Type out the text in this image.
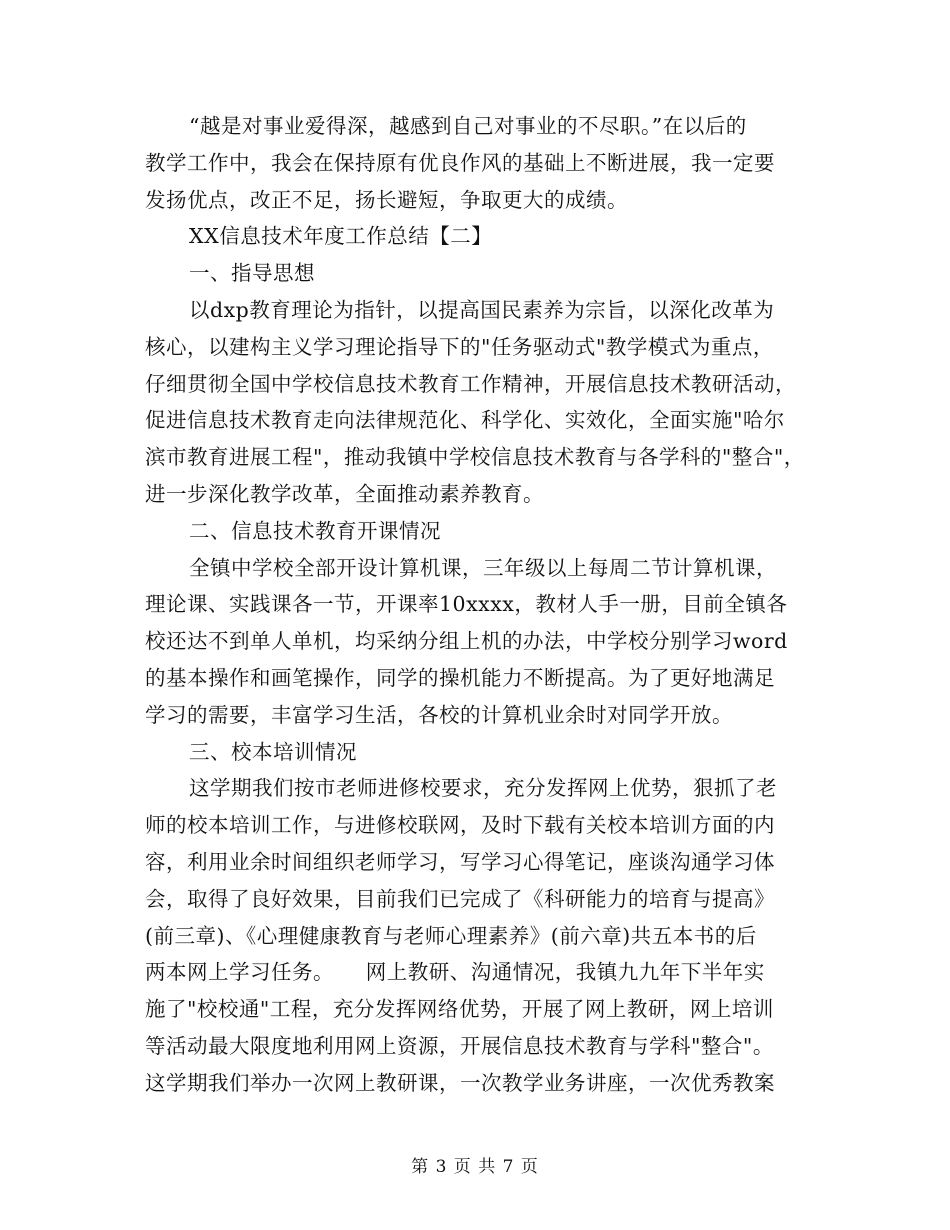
“越是对事业爱得深，越感到自己对事业的不尽职。”在以后的
教学工作中，我会在保持原有优良作风的基础上不断进展，我一定要
发扬优点，改正不足，扬长避短，争取更大的成绩。
XX信息技术年度工作总结【二】
一、指导思想
以dxp教育理论为指针，以提高国民素养为宗旨，以深化改革为
核心，以建构主义学习理论指导下的"任务驱动式"教学模式为重点，
仔细贯彻全国中学校信息技术教育工作精神，开展信息技术教研活动，
促进信息技术教育走向法律规范化、科学化、实效化，全面实施"哈尔
滨市教育进展工程"，推动我镇中学校信息技术教育与各学科的"整合"，
进一步深化教学改革，全面推动素养教育。
二、信息技术教育开课情况
全镇中学校全部开设计算机课，三年级以上每周二节计算机课，
理论课、实践课各一节，开课率10xxxx，教材人手一册，目前全镇各
校还达不到单人单机，均采纳分组上机的办法，中学校分别学习word
的基本操作和画笔操作，同学的操机能力不断提高。为了更好地满足
学习的需要，丰富学习生活，各校的计算机业余时对同学开放。
三、校本培训情况
这学期我们按市老师进修校要求，充分发挥网上优势，狠抓了老
师的校本培训工作，与进修校联网，及时下载有关校本培训方面的内
容，利用业余时间组织老师学习，写学习心得笔记，座谈沟通学习体
会，取得了良好效果，目前我们已完成了《科研能力的培育与提高》
(前三章)、《心理健康教育与老师心理素养》(前六章)共五本书的后
两本网上学习任务。　　网上教研、沟通情况，我镇九九年下半年实
施了"校校通"工程，充分发挥网络优势，开展了网上教研，网上培训
等活动最大限度地利用网上资源，开展信息技术教育与学科"整合"。
这学期我们举办一次网上教研课，一次教学业务讲座，一次优秀教案
第 3 页 共 7 页
